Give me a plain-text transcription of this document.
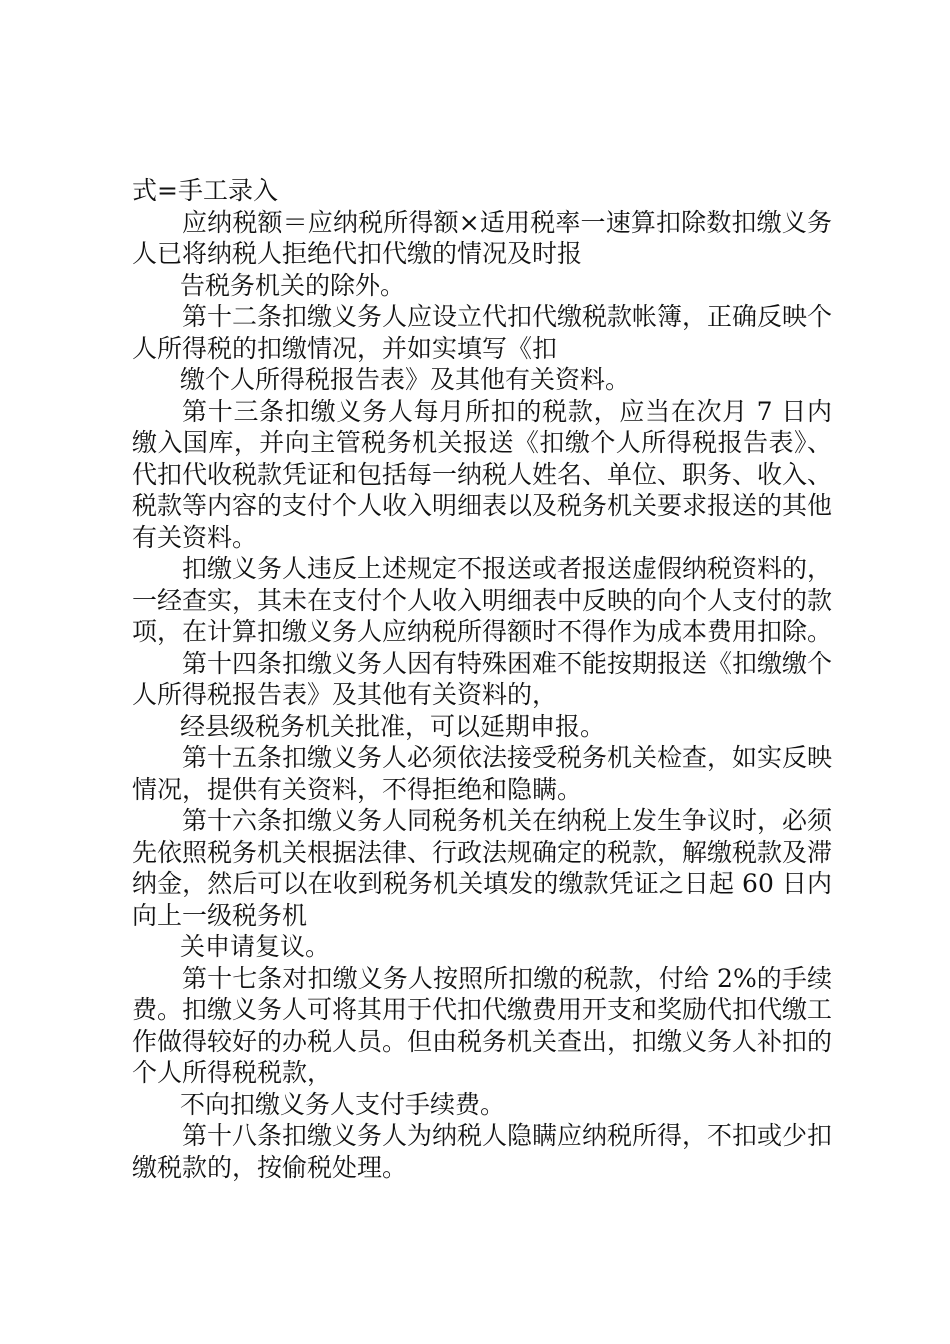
式=手工录入

应纳税额＝应纳税所得额×适用税率一速算扣除数扣缴义务人已将纳税人拒绝代扣代缴的情况及时报

告税务机关的除外。

第十二条扣缴义务人应设立代扣代缴税款帐簿，正确反映个人所得税的扣缴情况，并如实填写《扣

缴个人所得税报告表》及其他有关资料。

第十三条扣缴义务人每月所扣的税款，应当在次月 7 日内缴入国库，并向主管税务机关报送《扣缴个人所得税报告表》、代扣代收税款凭证和包括每一纳税人姓名、单位、职务、收入、税款等内容的支付个人收入明细表以及税务机关要求报送的其他有关资料。

扣缴义务人违反上述规定不报送或者报送虚假纳税资料的，一经查实，其未在支付个人收入明细表中反映的向个人支付的款项，在计算扣缴义务人应纳税所得额时不得作为成本费用扣除。

第十四条扣缴义务人因有特殊困难不能按期报送《扣缴缴个人所得税报告表》及其他有关资料的，

经县级税务机关批准，可以延期申报。

第十五条扣缴义务人必须依法接受税务机关检查，如实反映情况，提供有关资料，不得拒绝和隐瞒。

第十六条扣缴义务人同税务机关在纳税上发生争议时，必须先依照税务机关根据法律、行政法规确定的税款，解缴税款及滞纳金，然后可以在收到税务机关填发的缴款凭证之日起 60 日内向上一级税务机

关申请复议。

第十七条对扣缴义务人按照所扣缴的税款，付给 2%的手续费。扣缴义务人可将其用于代扣代缴费用开支和奖励代扣代缴工作做得较好的办税人员。但由税务机关查出，扣缴义务人补扣的个人所得税税款，

不向扣缴义务人支付手续费。

第十八条扣缴义务人为纳税人隐瞒应纳税所得，不扣或少扣缴税款的，按偷税处理。
